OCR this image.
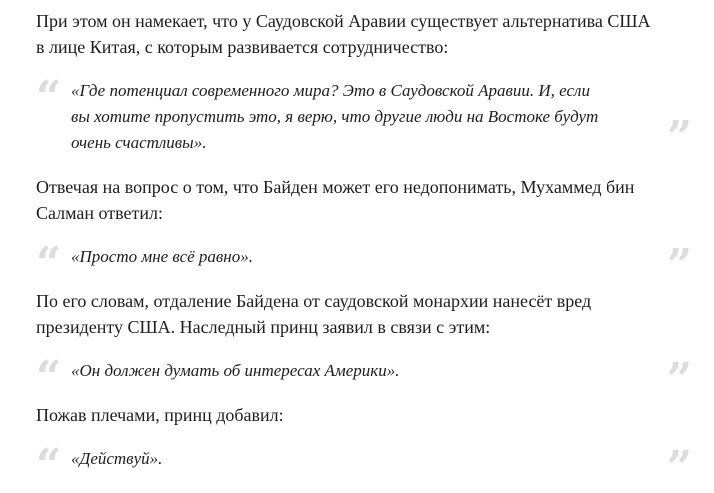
При этом он намекает, что у Саудовской Аравии существует альтернатива США
в лице Китая, с которым развивается сотрудничество:

“ «Где потенциал современного мира? Это в Саудовской Аравии. И, если
вы хотите пропустить это, я верю, что другие люди на Востоке будут
очень счастливы».	”

Отвечая на вопрос о том, что Байден может его недопонимать, Мухаммед бин
Салман ответил:

“ «Просто мне всё равно».	”

По его словам, отдаление Байдена от саудовской монархии нанесёт вред
президенту США. Наследный принц заявил в связи с этим:

“ «Он должен думать об интересах Америки».	”

Пожав плечами, принц добавил:

“ «Действуй».	”
